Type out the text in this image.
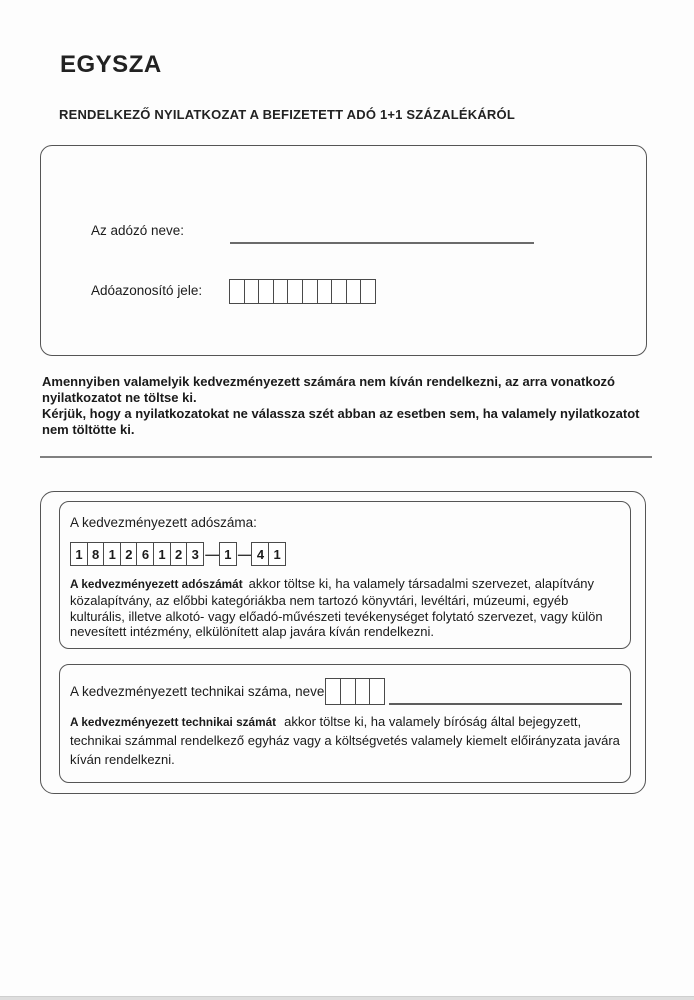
EGYSZA
RENDELKEZŐ NYILATKOZAT A BEFIZETETT ADÓ 1+1 SZÁZALÉKÁRÓL
Az adózó neve:
Adóazonosító jele:

Amennyiben valamelyik kedvezményezett számára nem kíván rendelkezni, az arra vonatkozó nyilatkozatot ne töltse ki.

Kérjük, hogy a nyilatkozatokat ne válassza szét abban az esetben sem, ha valamely nyilatkozatot nem töltötte ki.

A kedvezményezett adószáma:
1 8 1 2 6 1 2 3 — 1 — 4 1

A kedvezményezett adószámát akkor töltse ki, ha valamely társadalmi szervezet, alapítvány közalapítvány, az előbbi kategóriákba nem tartozó könyvtári, levéltári, múzeumi, egyéb kulturális, illetve alkotó- vagy előadó-művészeti tevékenységet folytató szervezet, vagy külön nevesített intézmény, elkülönített alap javára kíván rendelkezni.

A kedvezményezett technikai száma, neve

A kedvezményezett technikai számát akkor töltse ki, ha valamely bíróság által bejegyzett, technikai számmal rendelkező egyház vagy a költségvetés valamely kiemelt előirányzata javára kíván rendelkezni.
